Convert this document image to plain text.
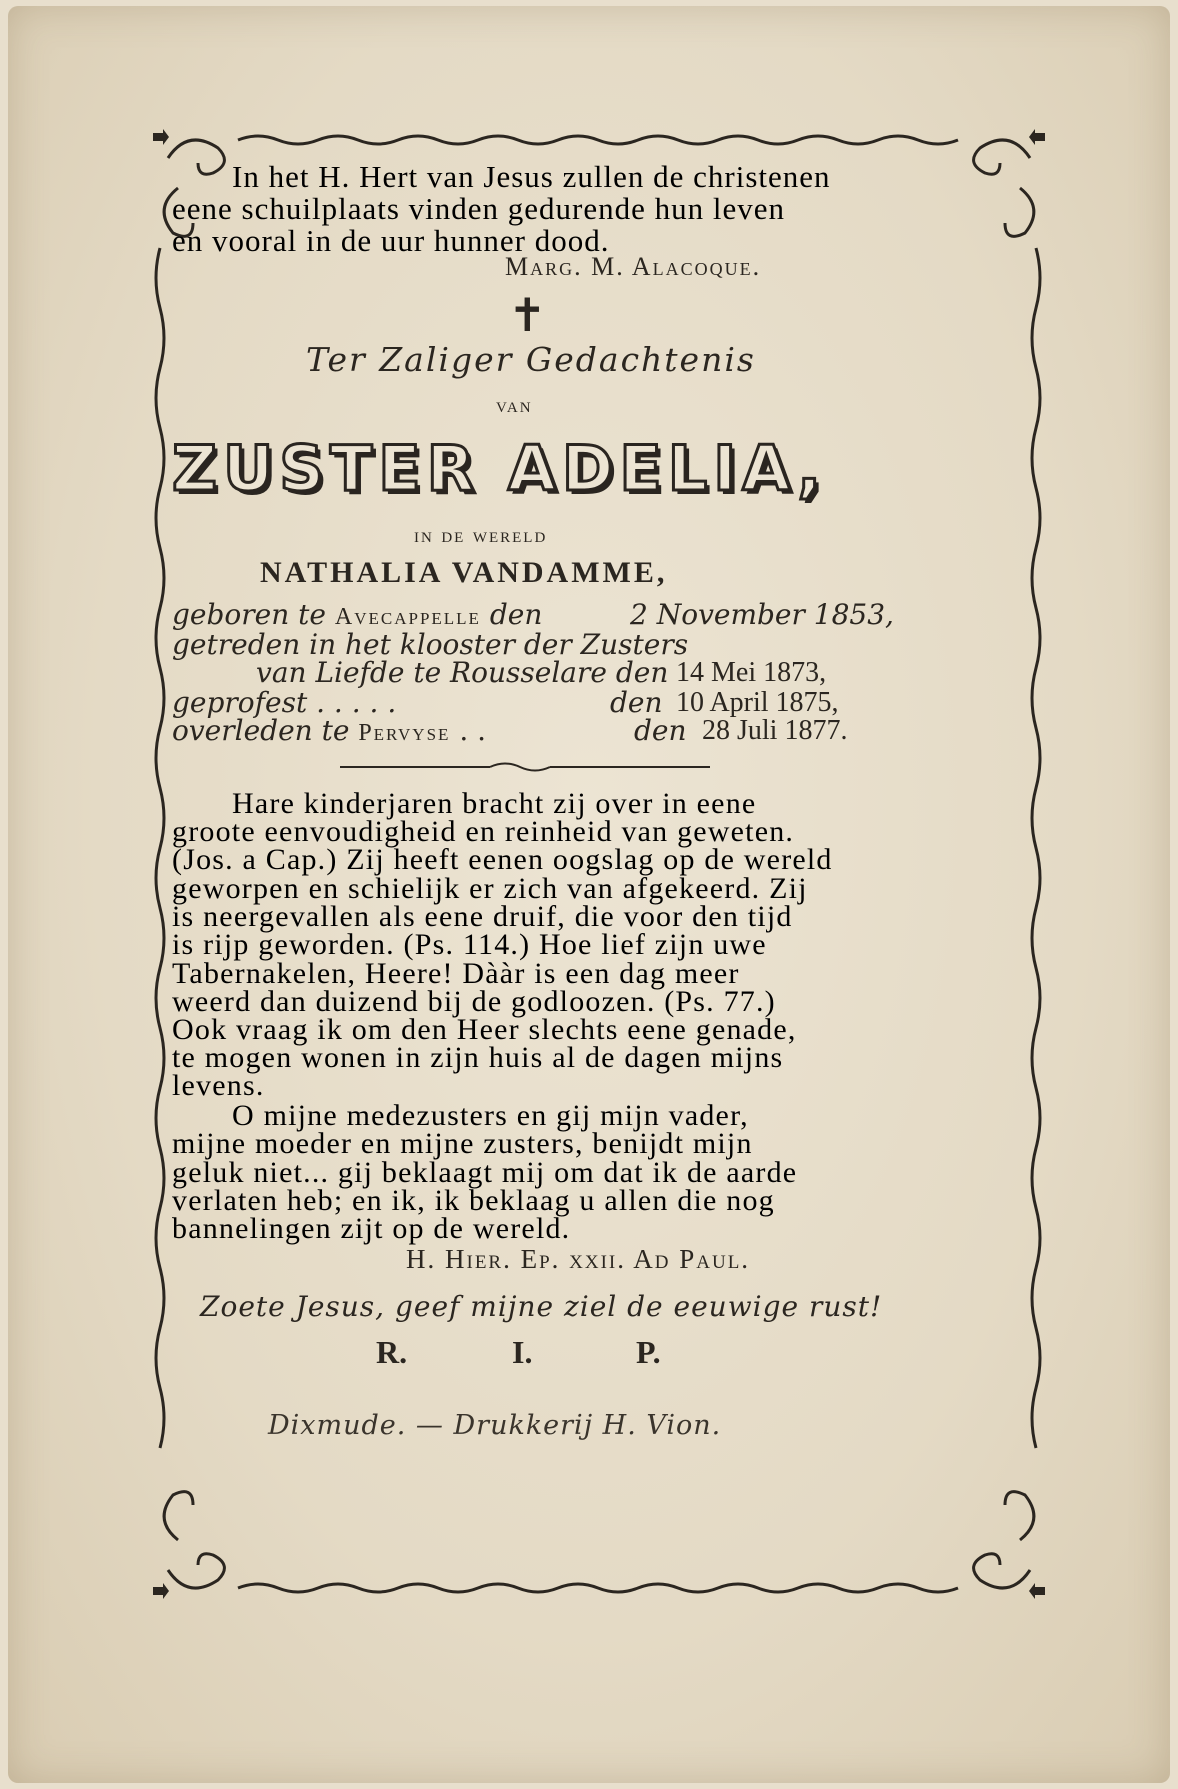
In het H. Hert van Jesus zullen de christenen
eene schuilplaats vinden gedurende hun leven
en vooral in de uur hunner dood.
Marg. M. Alacoque.
✝
Ter Zaliger Gedachtenis
van
ZUSTER ADELIA,
in de wereld
NATHALIA VANDAMME,
geboren te Avecappelle den	2 November 1853,
getreden in het klooster der Zusters
van Liefde te Rousselare den 14 Mei 1873,
geprofest . . . . .	den 10 April 1875,
overleden te Pervyse . .	den 28 Juli 1877.
Hare kinderjaren bracht zij over in eene
groote eenvoudigheid en reinheid van geweten.
(Jos. a Cap.) Zij heeft eenen oogslag op de wereld
geworpen en schielijk er zich van afgekeerd. Zij
is neergevallen als eene druif, die voor den tijd
is rijp geworden. (Ps. 114.) Hoe lief zijn uwe
Tabernakelen, Heere! Dààr is een dag meer
weerd dan duizend bij de godloozen. (Ps. 77.)
Ook vraag ik om den Heer slechts eene genade,
te mogen wonen in zijn huis al de dagen mijns
levens.
O mijne medezusters en gij mijn vader,
mijne moeder en mijne zusters, benijdt mijn
geluk niet... gij beklaagt mij om dat ik de aarde
verlaten heb; en ik, ik beklaag u allen die nog
bannelingen zijt op de wereld.
H. Hier. Ep. xxii. Ad Paul.
Zoete Jesus, geef mijne ziel de eeuwige rust!
R.	I.	P.
Dixmude. — Drukkerij H. Vion.
